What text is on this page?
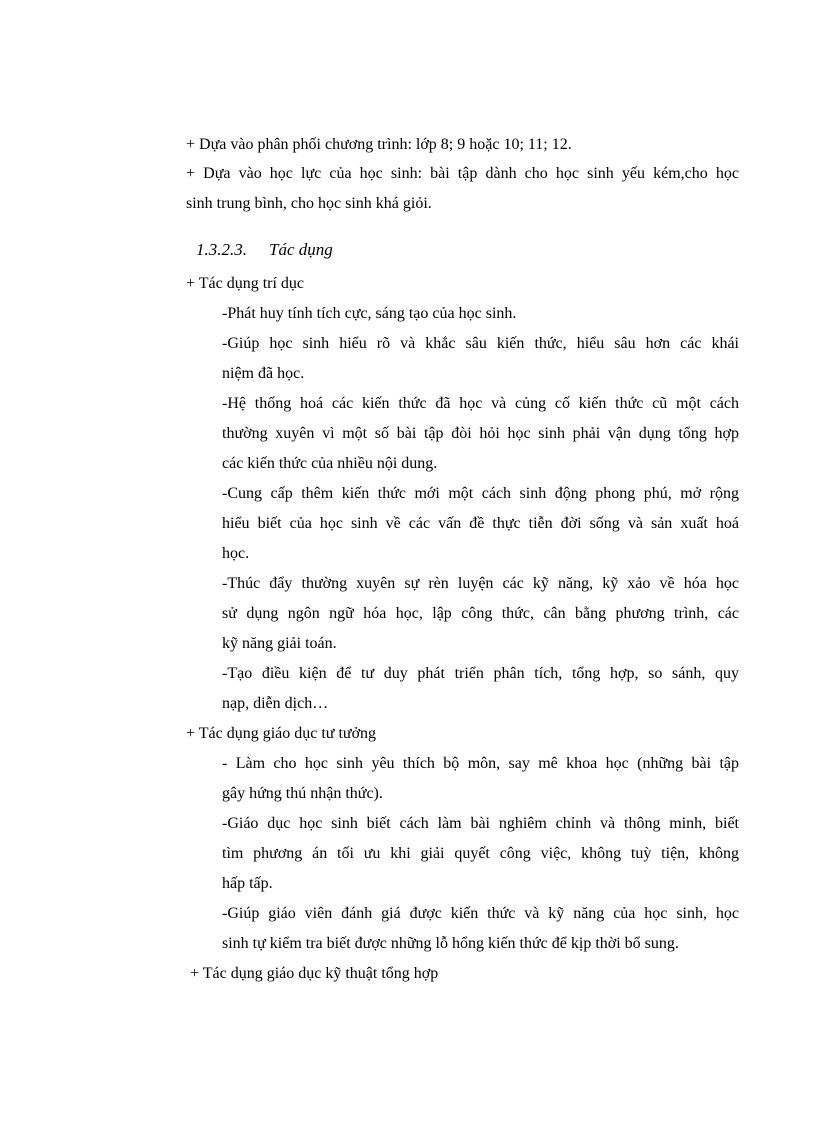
+ Dựa vào phân phối chương trình: lớp 8; 9 hoặc 10; 11; 12.
+ Dựa vào học lực của học sinh: bài tập dành cho học sinh yếu kém,cho học
sinh trung bình, cho học sinh khá giỏi.
1.3.2.3. Tác dụng
+ Tác dụng trí dục
-Phát huy tính tích cực, sáng tạo của học sinh.
-Giúp học sinh hiểu rõ và khắc sâu kiến thức, hiểu sâu hơn các khái
niệm đã học.
-Hệ thống hoá các kiến thức đã học và củng cố kiến thức cũ một cách
thường xuyên vì một số bài tập đòi hỏi học sinh phải vận dụng tổng hợp
các kiến thức của nhiều nội dung.
-Cung cấp thêm kiến thức mới một cách sinh động phong phú, mở rộng
hiểu biết của học sinh về các vấn đề thực tiễn đời sống và sản xuất hoá
học.
-Thúc đẩy thường xuyên sự rèn luyện các kỹ năng, kỹ xảo về hóa học
sử dụng ngôn ngữ hóa học, lập công thức, cân bằng phương trình, các
kỹ năng giải toán.
-Tạo điều kiện để tư duy phát triển phân tích, tổng hợp, so sánh, quy
nạp, diễn dịch…
+ Tác dụng giáo dục tư tưởng
- Làm cho học sinh yêu thích bộ môn, say mê khoa học (những bài tập
gây hứng thú nhận thức).
-Giáo dục học sinh biết cách làm bài nghiêm chỉnh và thông minh, biết
tìm phương án tối ưu khi giải quyết công việc, không tuỳ tiện, không
hấp tấp.
-Giúp giáo viên đánh giá được kiến thức và kỹ năng của học sinh, học
sinh tự kiểm tra biết được những lỗ hổng kiến thức để kịp thời bổ sung.
+ Tác dụng giáo dục kỹ thuật tổng hợp
